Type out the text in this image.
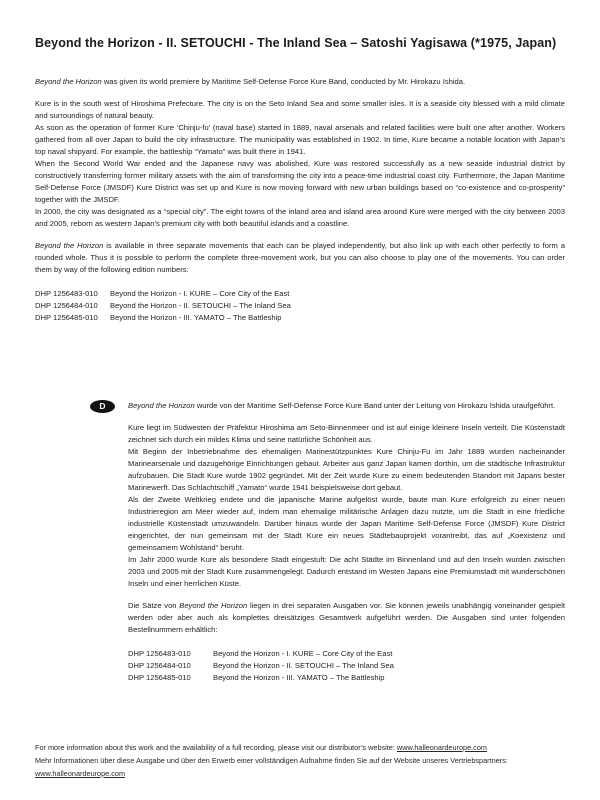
Beyond the Horizon - II. SETOUCHI - The Inland Sea – Satoshi Yagisawa (*1975, Japan)

Beyond the Horizon was given its world premiere by Maritime Self-Defense Force Kure Band, conducted by Mr. Hirokazu Ishida.

Kure is in the south west of Hiroshima Prefecture. The city is on the Seto Inland Sea and some smaller isles. It is a seaside city blessed with a mild climate and surroundings of natural beauty.

As soon as the operation of former Kure ‘Chinju-fu’ (naval base) started in 1889, naval arsenals and related facilities were built one after another. Workers gathered from all over Japan to build the city infrastructure. The municipality was established in 1902. In time, Kure became a notable location with Japan’s top naval shipyard. For example, the battleship “Yamato” was built there in 1941.

When the Second World War ended and the Japanese navy was abolished, Kure was restored successfully as a new seaside industrial district by constructively transferring former military assets with the aim of transforming the city into a peace-time industrial coast city. Furthermore, the Japan Maritime Self-Defense Force (JMSDF) Kure District was set up and Kure is now moving forward with new urban buildings based on “co-existence and co-prosperity” together with the JMSDF.

In 2000, the city was designated as a “special city”. The eight towns of the inland area and island area around Kure were merged with the city between 2003 and 2005, reborn as western Japan’s premium city with both beautiful islands and a coastline.

Beyond the Horizon is available in three separate movements that each can be played independently, but also link up with each other perfectly to form a rounded whole. Thus it is possible to perform the complete three-movement work, but you can also choose to play one of the movements. You can order them by way of the following edition numbers:

DHP 1256483-010	Beyond the Horizon - I. KURE – Core City of the East
DHP 1256484-010	Beyond the Horizon - II. SETOUCHI – The Inland Sea
DHP 1256485-010	Beyond the Horizon - III. YAMATO – The Battleship
D	Beyond the Horizon wurde von der Maritime Self-Defense Force Kure Band unter der Leitung von Hirokazu Ishida uraufgeführt.

Kure liegt im Südwesten der Präfektur Hiroshima am Seto-Binnenmeer und ist auf einige kleinere Inseln verteilt. Die Küstenstadt zeichnet sich durch ein mildes Klima und seine natürliche Schönheit aus.

Mit Beginn der Inbetriebnahme des ehemaligen Marinestützpunktes Kure Chinju-Fu im Jahr 1889 wurden nacheinander Marinearsenale und dazugehörige Einrichtungen gebaut. Arbeiter aus ganz Japan kamen dorthin, um die städtische Infrastruktur aufzubauen. Die Stadt Kure wurde 1902 gegründet. Mit der Zeit wurde Kure zu einem bedeutenden Standort mit Japans bester Marinewerft. Das Schlachtschiff „Yamato“ wurde 1941 beispielsweise dort gebaut.

Als der Zweite Weltkrieg endete und die japanische Marine aufgelöst wurde, baute man Kure erfolgreich zu einer neuen Industrieregion am Meer wieder auf, indem man ehemalige militärische Anlagen dazu nutzte, um die Stadt in eine friedliche industrielle Küstenstadt umzuwandeln. Darüber hinaus wurde der Japan Maritime Self-Defense Force (JMSDF) Kure District eingerichtet, der nun gemeinsam mit der Stadt Kure ein neues Städtebauprojekt vorantreibt, das auf „Koexistenz und gemeinsamem Wohlstand“ beruht.

Im Jahr 2000 wurde Kure als besondere Stadt eingestuft: Die acht Städte im Binnenland und auf den Inseln wurden zwischen 2003 und 2005 mit der Stadt Kure zusammengelegt. Dadurch entstand im Westen Japans eine Premiumstadt mit wunderschönen Inseln und einer herrlichen Küste.

Die Sätze von Beyond the Horizon liegen in drei separaten Ausgaben vor. Sie können jeweils unabhängig voneinander gespielt werden oder aber auch als komplettes dreisätziges Gesamtwerk aufgeführt werden. Die Ausgaben sind unter folgenden Bestellnummern erhältlich:

DHP 1256483-010	Beyond the Horizon - I. KURE – Core City of the East
DHP 1256484-010	Beyond the Horizon - II. SETOUCHI – The Inland Sea
DHP 1256485-010	Beyond the Horizon - III. YAMATO – The Battleship
For more information about this work and the availability of a full recording, please visit our distributor’s website: www.halleonardeurope.com
Mehr Informationen über diese Ausgabe und über den Erwerb einer vollständigen Aufnahme finden Sie auf der Website unseres Vertriebspartners: www.halleonardeurope.com
